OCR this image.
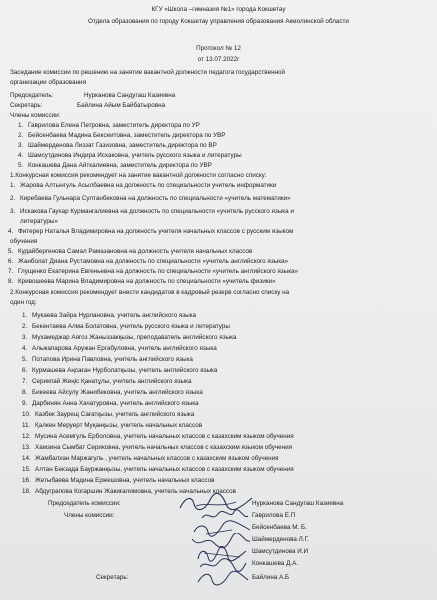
КГУ «Школа –гимназия №1» города Кокшетау
Отдела образования по городу Кокшетау управления образования Акмолинской области
Протокол № 12
от 13.07.2022г
Заседание комиссии по решению на занятие вакантной должности педагога государственной
организации образования
Председатель:	Нурканова Сандугаш Казиевна
Секретарь:	Байлина Айым Байбатыровна
Члены комиссии:
1. Гаврилова Елена Петровна, заместитель директора по УР
2. Бейсенбаева Мадина Бексеитовна, заместитель директора по УВР
3. Шаймерденова Лиззат Газизовна, заместитель директора по ВР
4. Шамсутдинова Индира Исхаковна, учитель русского языка и литературы
5. Конкашева Дана Айткалиевна, заместитель директора по УВР
1.Конкурсная комиссия рекомендует на занятие вакантной должности согласно списку:
1. Жарова Алтынгуль Асылбаевна на должность по специальности учитель информатики
2. Киребаева Гульнара Султанбековна на должность по специальности «учитель математики»
3. Искакова Гаухар Курмангалиевна на должность по специальности «учитель русского языка и
литературы»
4. Фитерер Наталья Владимировна на должность учителя начальных классов с русским языком
обучения
5. Кудайбергенова Самал Рамазановна на должность учителя начальных классов
6. Жанболат Диана Рустамовна на должность по специальности «учитель английского языка»
7. Глущенко Екатерина Евгеньевна на должность по специальности «учитель английского языка»
8. Кривошеева Марина Владимировна на должность по специальности «учитель физики»
2.Конкурсная комиссия рекомендует внести кандидатов в кадровый резерв согласно списку на
один год:
1. Мукаева Зайра Нурлановна, учитель английского языка
2. Бекентаева Алма Болатовна, учитель русского языка и литературы
3. Мухамеджар Аягоз Жаныззакқызы, преподаватель английского языка
4. Альжапарова Аружан Ергабуловна, учитель английского языка
5. Потапова Ирина Павловна, учитель английского языка
6. Курмашева Аңсаған Нурболатқызы, учитель английского языка
7. Серикпай Жеңіс Қанатұлы, учитель английского языка
8. Бикеева Айсулу Жанибековна, учитель английского языка
9. Дарбинян Анна Хачатуровна, учитель английского языка
10. Казбек Заурещ Сағатқызы, учитель английского языка
11. Қалкен Меруерт Муқанқызы, учитель начальных классов
12. Мусина Асемгуль Ерболовна, учитель начальных классов с казахским языком обучения
13. Хамзина Сымбат Сериковна, учитель начальных классов с казахским языком обучения
14. Жамбалхан Маржагуль , учитель начальных классов с казахским языком обучения
15. Алтан Бекзада Бауржанқызы, учитель начальных классов с казахским языком обучения
16. Жетыбаева Мадина Ержешовна, учитель начальных классов
18. Абдуграпова Когаршин Жакиғалимовна, учитель начальных классов
Председатель комиссии:	Нурканова Сандугаш Казиевна
Члены комиссии:	Гаврилова Е.П
Бейсенбаева М. Б.
Шаймерденова Л.Г.
Шамсутдинова И.И
Конкашева Д.А.
Секретарь:	Байлина А.Б
